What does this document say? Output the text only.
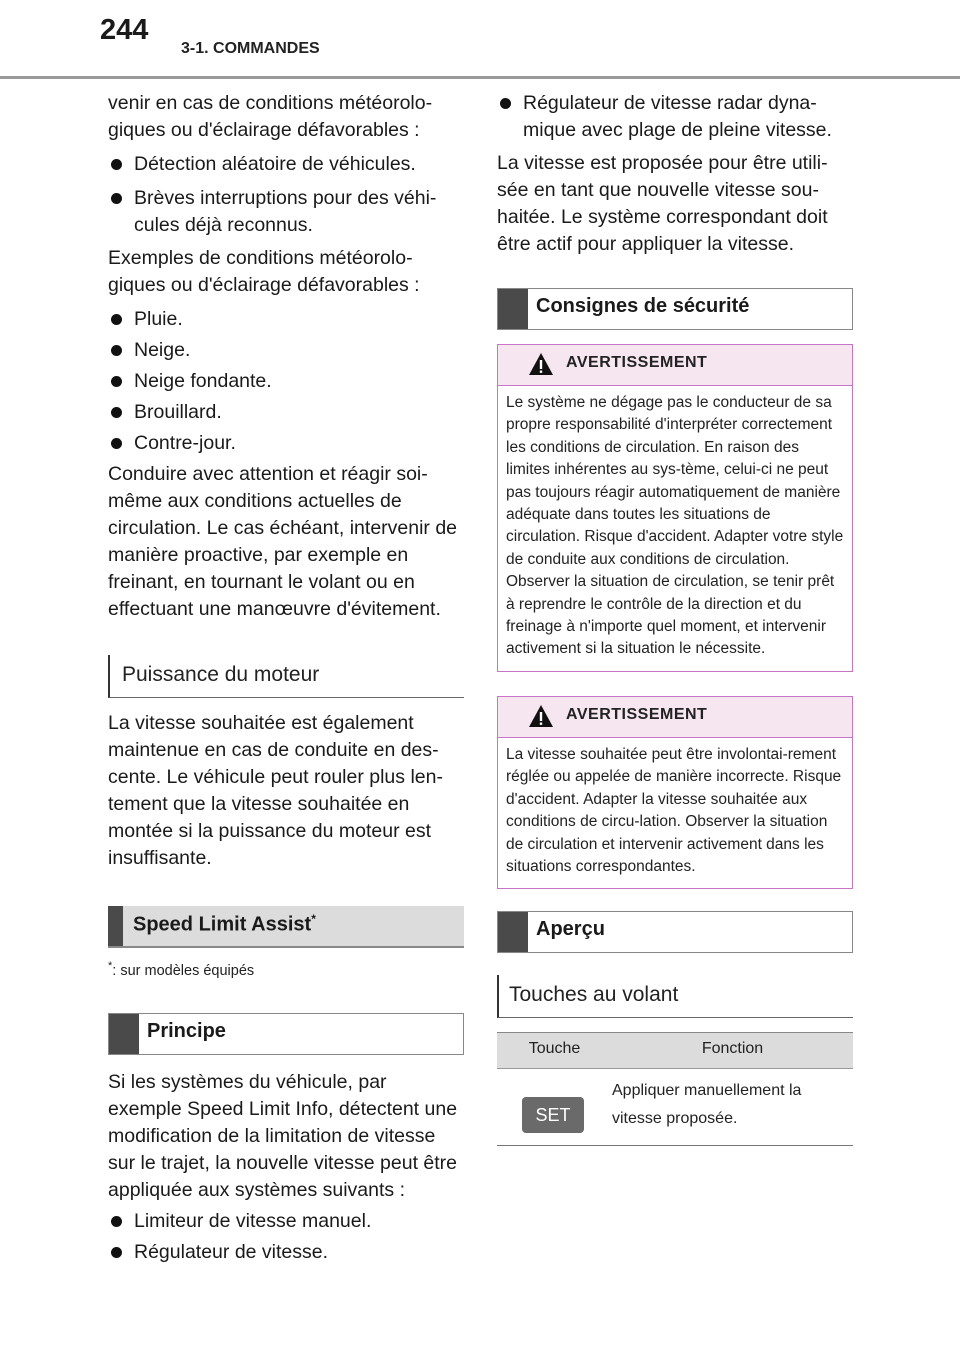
244
3-1. COMMANDES

venir en cas de conditions météorolo-giques ou d'éclairage défavorables :

Détection aléatoire de véhicules.

Brèves interruptions pour des véhi-cules déjà reconnus.

Exemples de conditions météorolo-giques ou d'éclairage défavorables :

Pluie.

Neige.

Neige fondante.

Brouillard.

Contre-jour.

Conduire avec attention et réagir soi-même aux conditions actuelles de circulation. Le cas échéant, intervenir de manière proactive, par exemple en freinant, en tournant le volant ou en effectuant une manœuvre d'évitement.

Puissance du moteur

La vitesse souhaitée est également maintenue en cas de conduite en des-cente. Le véhicule peut rouler plus len-tement que la vitesse souhaitée en montée si la puissance du moteur est insuffisante.

Speed Limit Assist*

*: sur modèles équipés

Principe

Si les systèmes du véhicule, par exemple Speed Limit Info, détectent une modification de la limitation de vitesse sur le trajet, la nouvelle vitesse peut être appliquée aux systèmes suivants :

Limiteur de vitesse manuel.

Régulateur de vitesse.

Régulateur de vitesse radar dyna-mique avec plage de pleine vitesse.

La vitesse est proposée pour être utili-sée en tant que nouvelle vitesse sou-haitée. Le système correspondant doit être actif pour appliquer la vitesse.

Consignes de sécurité
AVERTISSEMENT
Le système ne dégage pas le conducteur de sa propre responsabilité d'interpréter correctement les conditions de circulation. En raison des limites inhérentes au sys-tème, celui-ci ne peut pas toujours réagir automatiquement de manière adéquate dans toutes les situations de circulation. Risque d'accident. Adapter votre style de conduite aux conditions de circulation. Observer la situation de circulation, se tenir prêt à reprendre le contrôle de la direction et du freinage à n'importe quel moment, et intervenir activement si la situation le nécessite.
AVERTISSEMENT
La vitesse souhaitée peut être involontai-rement réglée ou appelée de manière incorrecte. Risque d'accident. Adapter la vitesse souhaitée aux conditions de circu-lation. Observer la situation de circulation et intervenir activement dans les situations correspondantes.
Aperçu
Touches au volant
Touche	Fonction
SET
Appliquer manuellement la vitesse proposée.
